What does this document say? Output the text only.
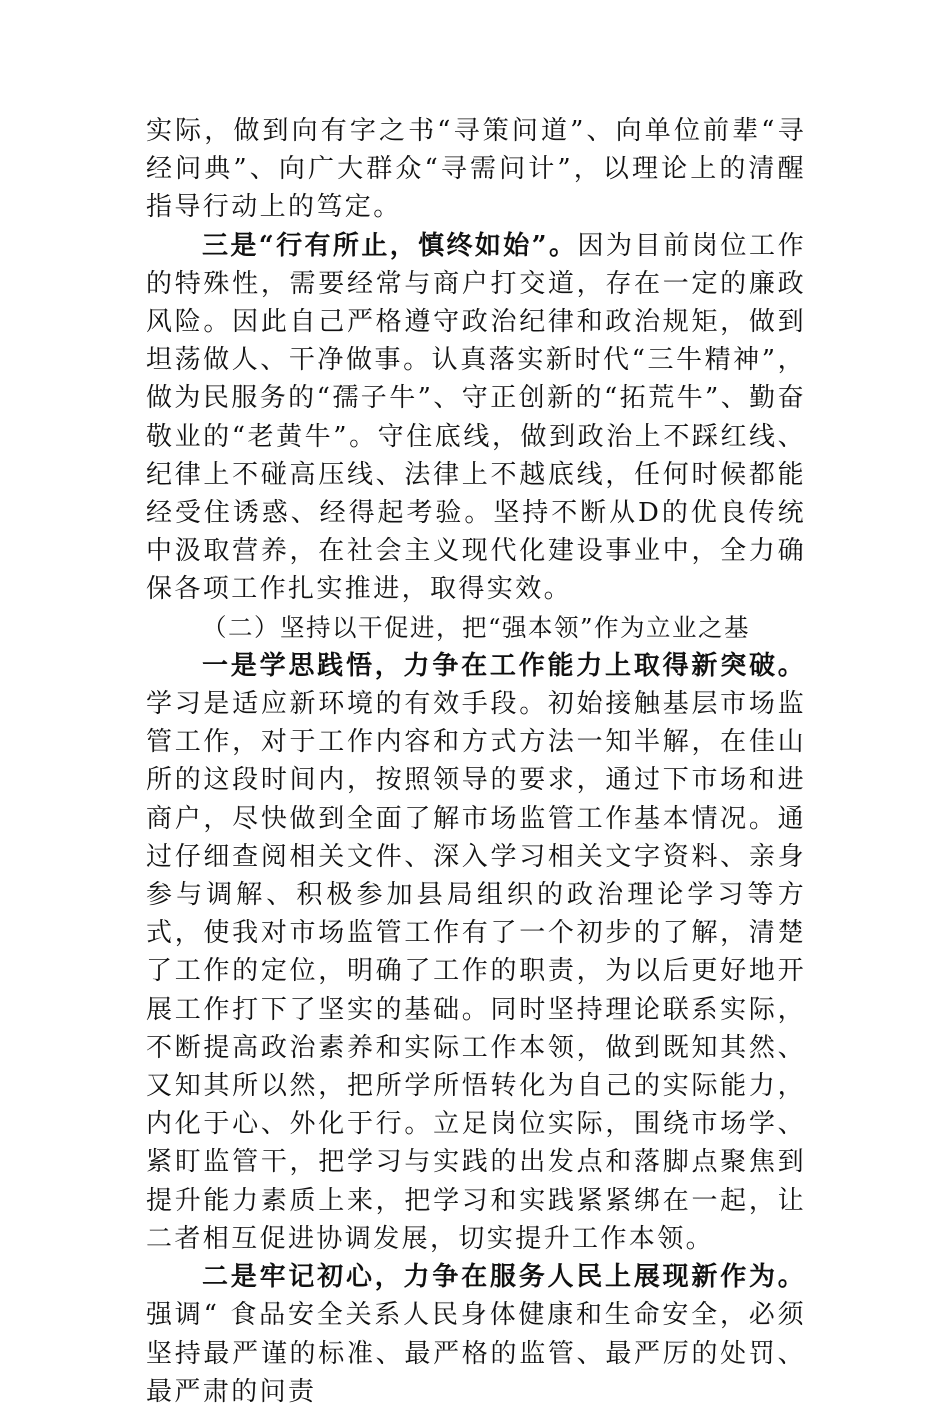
实际，做到向有字之书“寻策问道”、向单位前辈“寻经问典”、向广大群众“寻需问计”，以理论上的清醒指导行动上的笃定。

三是“行有所止，慎终如始”。因为目前岗位工作的特殊性，需要经常与商户打交道，存在一定的廉政风险。因此自己严格遵守政治纪律和政治规矩，做到坦荡做人、干净做事。认真落实新时代“三牛精神”，做为民服务的“孺子牛”、守正创新的“拓荒牛”、勤奋敬业的“老黄牛”。守住底线，做到政治上不踩红线、纪律上不碰高压线、法律上不越底线，任何时候都能经受住诱惑、经得起考验。坚持不断从D的优良传统中汲取营养，在社会主义现代化建设事业中，全力确保各项工作扎实推进，取得实效。

（二）坚持以干促进，把“强本领”作为立业之基

一是学思践悟，力争在工作能力上取得新突破。学习是适应新环境的有效手段。初始接触基层市场监管工作，对于工作内容和方式方法一知半解，在佳山所的这段时间内，按照领导的要求，通过下市场和进商户，尽快做到全面了解市场监管工作基本情况。通过仔细查阅相关文件、深入学习相关文字资料、亲身参与调解、积极参加县局组织的政治理论学习等方式，使我对市场监管工作有了一个初步的了解，清楚了工作的定位，明确了工作的职责，为以后更好地开展工作打下了坚实的基础。同时坚持理论联系实际，不断提高政治素养和实际工作本领，做到既知其然、又知其所以然，把所学所悟转化为自己的实际能力，内化于心、外化于行。立足岗位实际，围绕市场学、紧盯监管干，把学习与实践的出发点和落脚点聚焦到提升能力素质上来，把学习和实践紧紧绑在一起，让二者相互促进协调发展，切实提升工作本领。

二是牢记初心，力争在服务人民上展现新作为。强调“ 食品安全关系人民身体健康和生命安全，必须坚持最严谨的标准、最严格的监管、最严厉的处罚、最严肃的问责
